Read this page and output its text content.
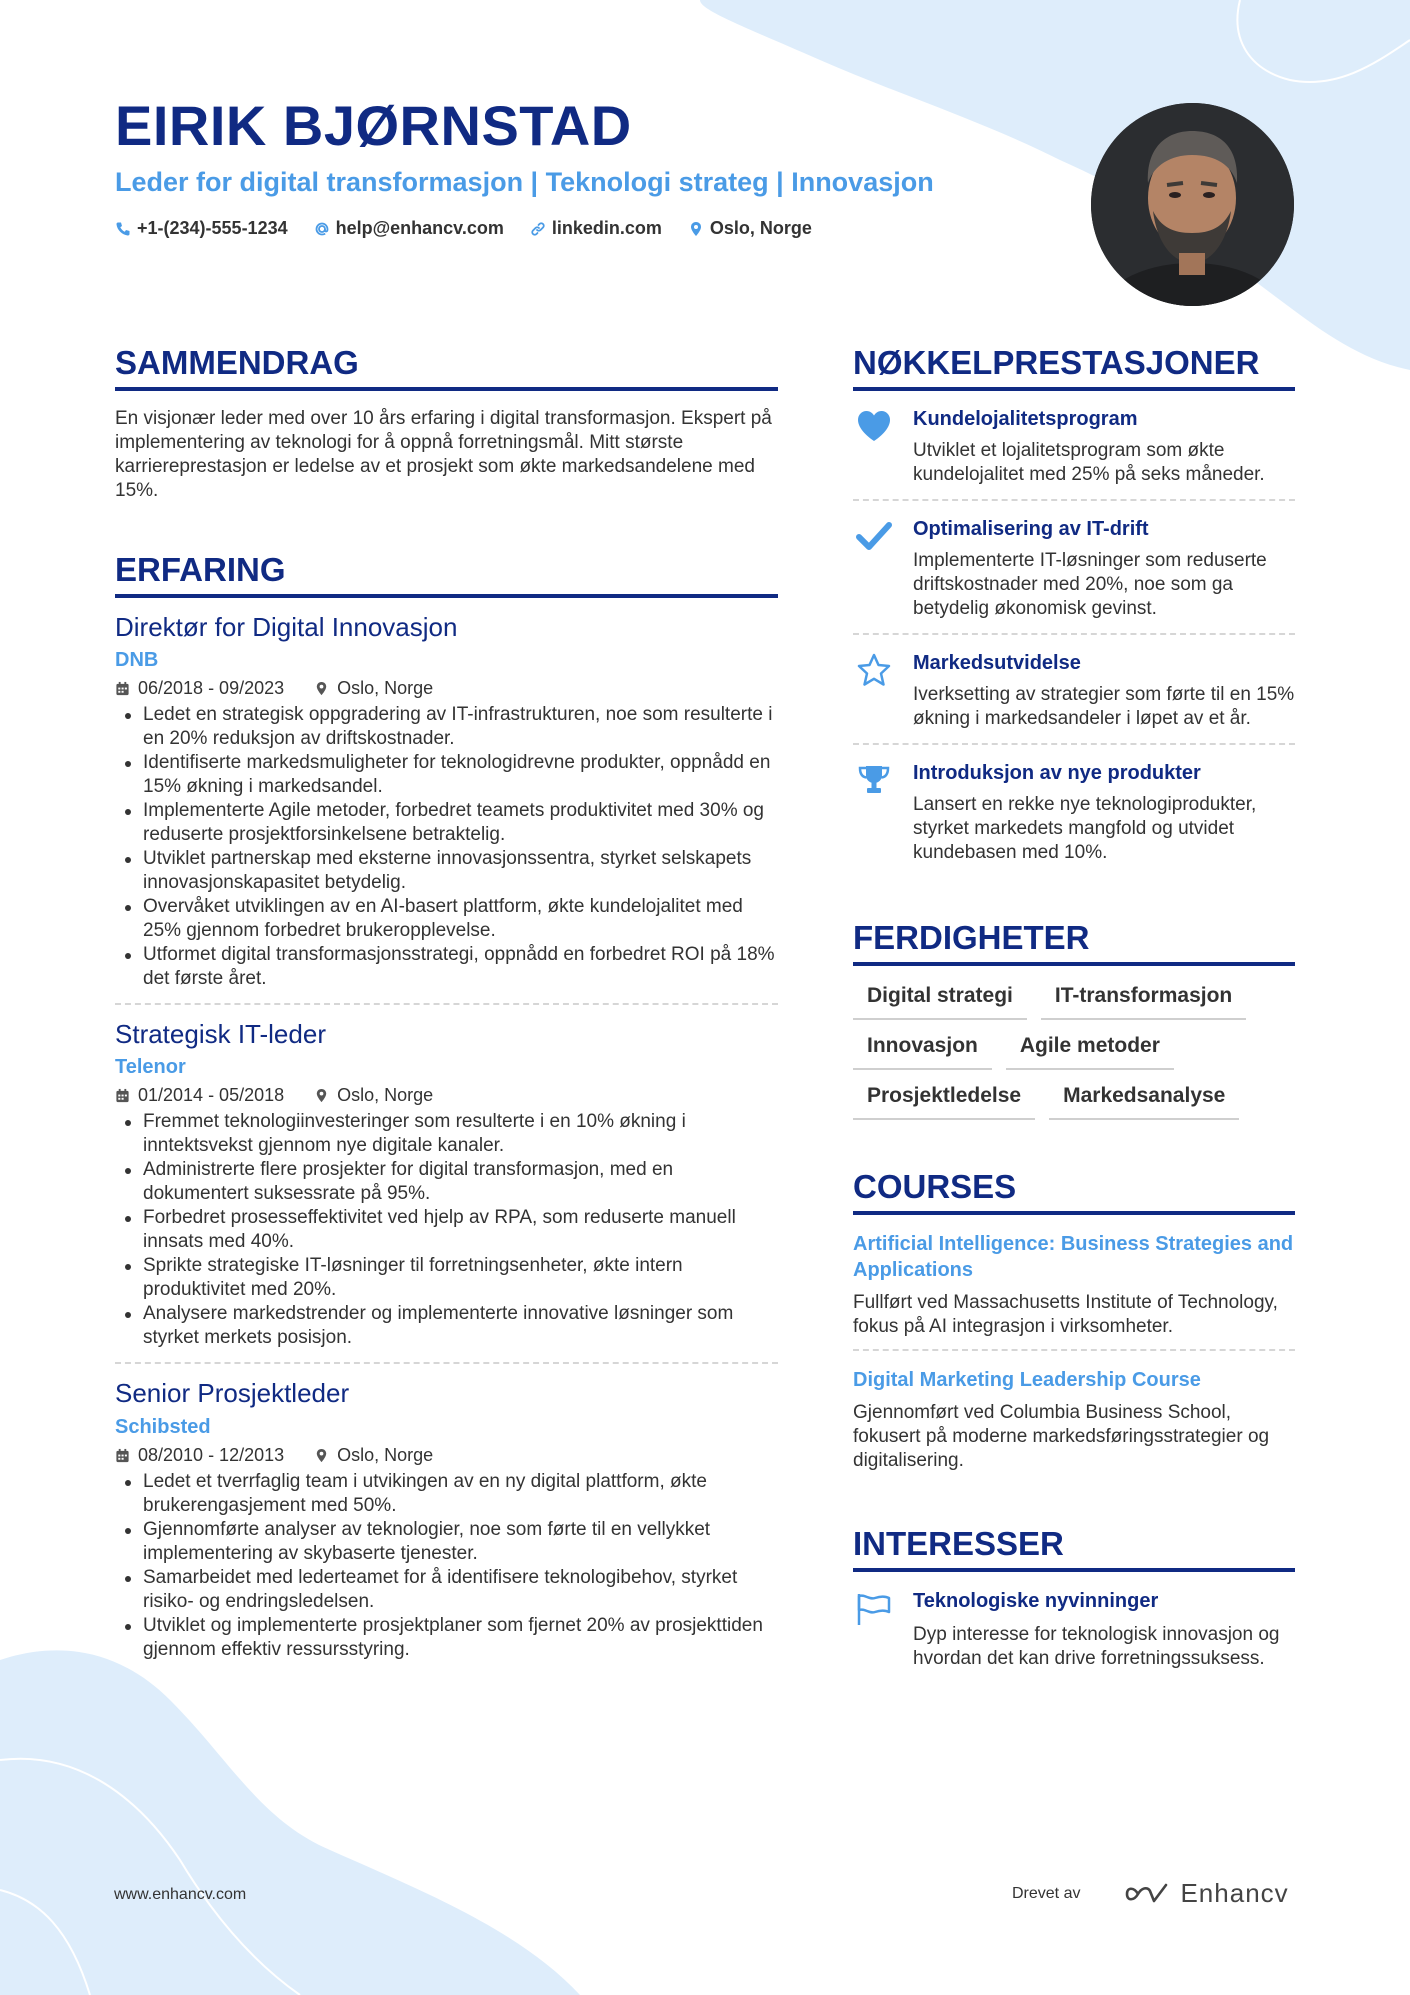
EIRIK BJØRNSTAD
Leder for digital transformasjon | Teknologi strateg | Innovasjon
+1-(234)-555-1234	help@enhancv.com	linkedin.com	Oslo, Norge
SAMMENDRAG
En visjonær leder med over 10 års erfaring i digital transformasjon. Ekspert på implementering av teknologi for å oppnå forretningsmål. Mitt største karriereprestasjon er ledelse av et prosjekt som økte markedsandelene med 15%.
ERFARING
Direktør for Digital Innovasjon
DNB
06/2018 - 09/2023	Oslo, Norge
Ledet en strategisk oppgradering av IT-infrastrukturen, noe som resulterte i en 20% reduksjon av driftskostnader.
Identifiserte markedsmuligheter for teknologidrevne produkter, oppnådd en 15% økning i markedsandel.
Implementerte Agile metoder, forbedret teamets produktivitet med 30% og reduserte prosjektforsinkelsene betraktelig.
Utviklet partnerskap med eksterne innovasjonssentra, styrket selskapets innovasjonskapasitet betydelig.
Overvåket utviklingen av en AI-basert plattform, økte kundelojalitet med 25% gjennom forbedret brukeropplevelse.
Utformet digital transformasjonsstrategi, oppnådd en forbedret ROI på 18% det første året.
Strategisk IT-leder
Telenor
01/2014 - 05/2018	Oslo, Norge
Fremmet teknologiinvesteringer som resulterte i en 10% økning i inntektsvekst gjennom nye digitale kanaler.
Administrerte flere prosjekter for digital transformasjon, med en dokumentert suksessrate på 95%.
Forbedret prosesseffektivitet ved hjelp av RPA, som reduserte manuell innsats med 40%.
Sprikte strategiske IT-løsninger til forretningsenheter, økte intern produktivitet med 20%.
Analysere markedstrender og implementerte innovative løsninger som styrket merkets posisjon.
Senior Prosjektleder
Schibsted
08/2010 - 12/2013	Oslo, Norge
Ledet et tverrfaglig team i utvikingen av en ny digital plattform, økte brukerengasjement med 50%.
Gjennomførte analyser av teknologier, noe som førte til en vellykket implementering av skybaserte tjenester.
Samarbeidet med lederteamet for å identifisere teknologibehov, styrket risiko- og endringsledelsen.
Utviklet og implementerte prosjektplaner som fjernet 20% av prosjekttiden gjennom effektiv ressursstyring.
NØKKELPRESTASJONER
Kundelojalitetsprogram
Utviklet et lojalitetsprogram som økte kundelojalitet med 25% på seks måneder.
Optimalisering av IT-drift
Implementerte IT-løsninger som reduserte driftskostnader med 20%, noe som ga betydelig økonomisk gevinst.
Markedsutvidelse
Iverksetting av strategier som førte til en 15% økning i markedsandeler i løpet av et år.
Introduksjon av nye produkter
Lansert en rekke nye teknologiprodukter, styrket markedets mangfold og utvidet kundebasen med 10%.
FERDIGHETER
Digital strategi	IT-transformasjon
Innovasjon	Agile metoder
Prosjektledelse	Markedsanalyse
COURSES
Artificial Intelligence: Business Strategies and Applications
Fullført ved Massachusetts Institute of Technology, fokus på AI integrasjon i virksomheter.
Digital Marketing Leadership Course
Gjennomført ved Columbia Business School, fokusert på moderne markedsføringsstrategier og digitalisering.
INTERESSER
Teknologiske nyvinninger
Dyp interesse for teknologisk innovasjon og hvordan det kan drive forretningssuksess.
www.enhancv.com	Drevet av	Enhancv
